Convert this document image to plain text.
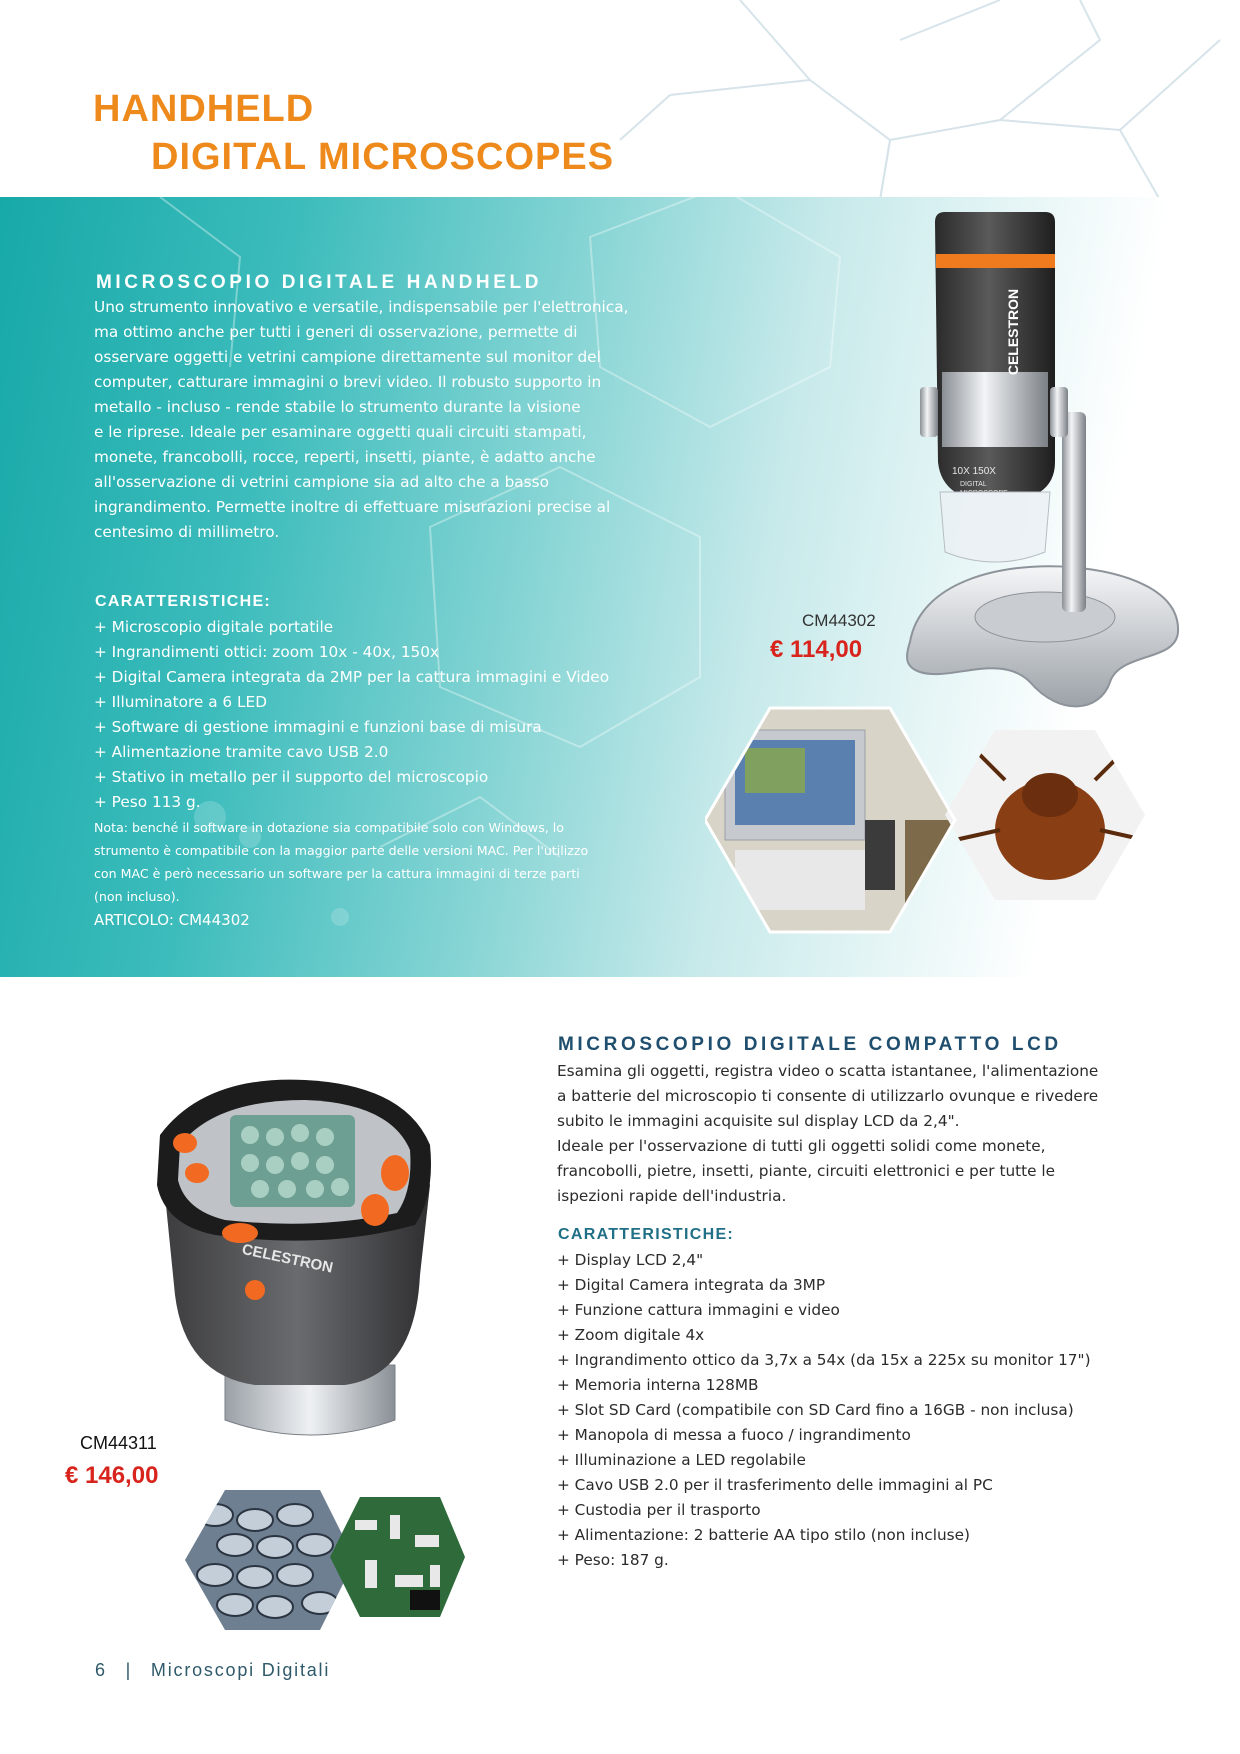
HANDHELD
DIGITAL MICROSCOPES
MICROSCOPIO DIGITALE HANDHELD
Uno strumento innovativo e versatile, indispensabile per l'elettronica,
ma ottimo anche per tutti i generi di osservazione, permette di
osservare oggetti e vetrini campione direttamente sul monitor del
computer, catturare immagini o brevi video. Il robusto supporto in
metallo - incluso - rende stabile lo strumento durante la visione
e le riprese. Ideale per esaminare oggetti quali circuiti stampati,
monete, francobolli, rocce, reperti, insetti, piante, è adatto anche
all'osservazione di vetrini campione sia ad alto che a basso
ingrandimento. Permette inoltre di effettuare misurazioni precise al
centesimo di millimetro.
CARATTERISTICHE:
+ Microscopio digitale portatile
+ Ingrandimenti ottici: zoom 10x - 40x, 150x
+ Digital Camera integrata da 2MP per la cattura immagini e Video
+ Illuminatore a 6 LED
+ Software di gestione immagini e funzioni base di misura
+ Alimentazione tramite cavo USB 2.0
+ Stativo in metallo per il supporto del microscopio
+ Peso 113 g.
Nota: benché il software in dotazione sia compatibile solo con Windows, lo
strumento è compatibile con la maggior parte delle versioni MAC. Per l'utilizzo
con MAC è però necessario un software per la cattura immagini di terze parti
(non incluso).
ARTICOLO: CM44302
CM44302
€ 114,00
CELESTRON
10X 150X
DIGITAL
MICROSCOPIO DIGITALE COMPATTO LCD
Esamina gli oggetti, registra video o scatta istantanee, l'alimentazione
a batterie del microscopio ti consente di utilizzarlo ovunque e rivedere
subito le immagini acquisite sul display LCD da 2,4".
Ideale per l'osservazione di tutti gli oggetti solidi come monete,
francobolli, pietre, insetti, piante, circuiti elettronici e per tutte le
ispezioni rapide dell'industria.
CARATTERISTICHE:
+ Display LCD 2,4"
+ Digital Camera integrata da 3MP
+ Funzione cattura immagini e video
+ Zoom digitale 4x
+ Ingrandimento ottico da 3,7x a 54x (da 15x a 225x su monitor 17")
+ Memoria interna 128MB
+ Slot SD Card (compatibile con SD Card fino a 16GB - non inclusa)
+ Manopola di messa a fuoco / ingrandimento
+ Illuminazione a LED regolabile
+ Cavo USB 2.0 per il trasferimento delle immagini al PC
+ Custodia per il trasporto
+ Alimentazione: 2 batterie AA tipo stilo (non incluse)
+ Peso: 187 g.
CELESTRON
CM44311
€ 146,00
6 | Microscopi Digitali
